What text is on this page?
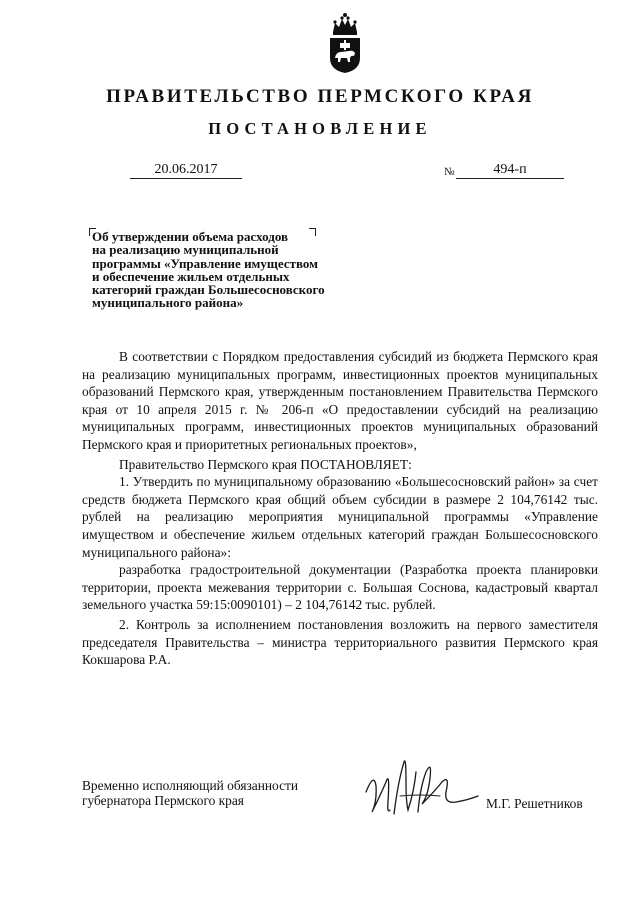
ПРАВИТЕЛЬСТВО ПЕРМСКОГО КРАЯ
ПОСТАНОВЛЕНИЕ
20.06.2017	№	494-п
Об утверждении объема расходов
на реализацию муниципальной
программы «Управление имуществом
и обеспечение жильем отдельных
категорий граждан Большесосновского
муниципального района»

В соответствии с Порядком предоставления субсидий из бюджета Пермского края на реализацию муниципальных программ, инвестиционных проектов муниципальных образований Пермского края, утвержденным постановлением Правительства Пермского края от 10 апреля 2015 г. № 206-п «О предоставлении субсидий на реализацию муниципальных программ, инвестиционных проектов муниципальных образований Пермского края и приоритетных региональных проектов»,

Правительство Пермского края ПОСТАНОВЛЯЕТ:

1. Утвердить по муниципальному образованию «Большесосновский район» за счет средств бюджета Пермского края общий объем субсидии в размере 2 104,76142 тыс. рублей на реализацию мероприятия муниципальной программы «Управление имуществом и обеспечение жильем отдельных категорий граждан Большесосновского муниципального района»:

разработка градостроительной документации (Разработка проекта планировки территории, проекта межевания территории с. Большая Соснова, кадастровый квартал земельного участка 59:15:0090101) – 2 104,76142 тыс. рублей.

2. Контроль за исполнением постановления возложить на первого заместителя председателя Правительства – министра территориального развития Пермского края Кокшарова Р.А.

Временно исполняющий обязанности
губернатора Пермского края	М.Г. Решетников
